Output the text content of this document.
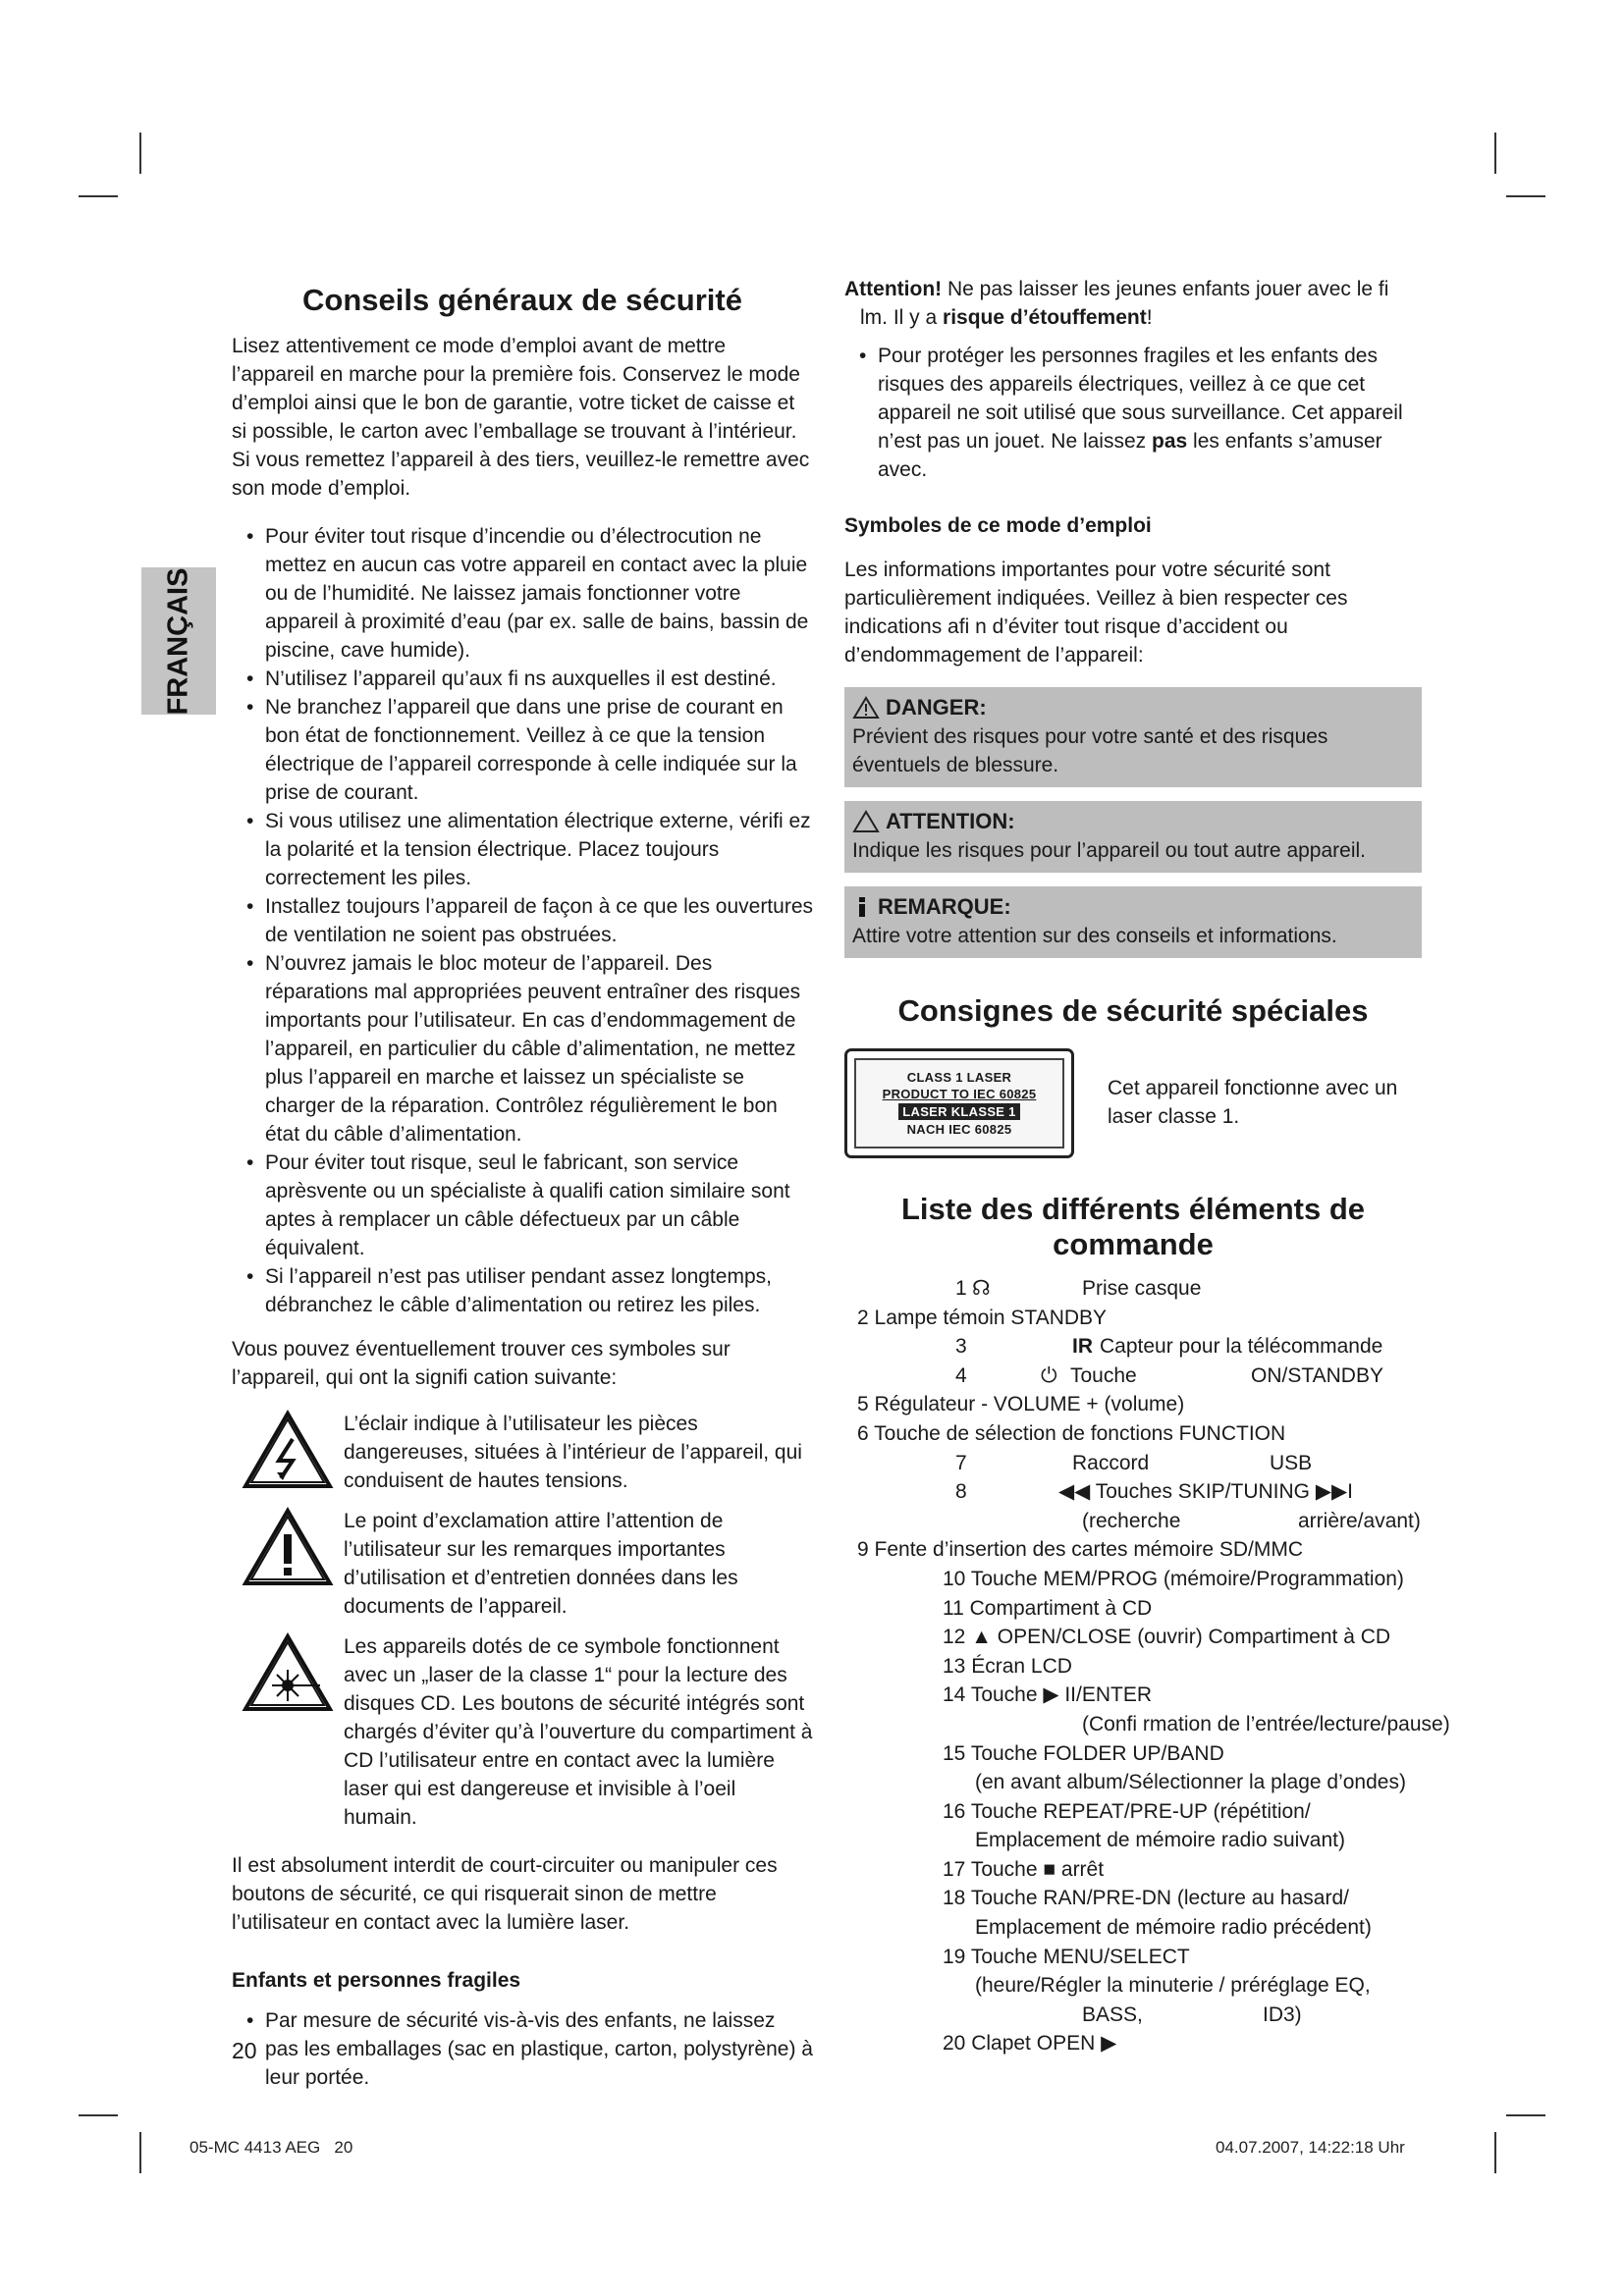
FRANÇAIS
Conseils généraux de sécurité

Lisez attentivement ce mode d’emploi avant de mettre l’appareil en marche pour la première fois. Conservez le mode d’emploi ainsi que le bon de garantie, votre ticket de caisse et si possible, le carton avec l’emballage se trouvant à l’intérieur. Si vous remettez l’appareil à des tiers, veuillez-le remettre avec son mode d’emploi.

• Pour éviter tout risque d’incendie ou d’électrocution ne mettez en aucun cas votre appareil en contact avec la pluie ou de l’humidité. Ne laissez jamais fonctionner votre appareil à proximité d’eau (par ex. salle de bains, bassin de piscine, cave humide).
• N’utilisez l’appareil qu’aux fi ns auxquelles il est destiné.
• Ne branchez l’appareil que dans une prise de courant en bon état de fonctionnement. Veillez à ce que la tension électrique de l’appareil corresponde à celle indiquée sur la prise de courant.
• Si vous utilisez une alimentation électrique externe, vérifi ez la polarité et la tension électrique. Placez toujours correctement les piles.
• Installez toujours l’appareil de façon à ce que les ouvertures de ventilation ne soient pas obstruées.
• N’ouvrez jamais le bloc moteur de l’appareil. Des réparations mal appropriées peuvent entraîner des risques importants pour l’utilisateur. En cas d’endommagement de l’appareil, en particulier du câble d’alimentation, ne mettez plus l’appareil en marche et laissez un spécialiste se charger de la réparation. Contrôlez régulièrement le bon état du câble d’alimentation.
• Pour éviter tout risque, seul le fabricant, son service aprèsvente ou un spécialiste à qualifi cation similaire sont aptes à remplacer un câble défectueux par un câble équivalent.
• Si l’appareil n’est pas utiliser pendant assez longtemps, débranchez le câble d’alimentation ou retirez les piles.

Vous pouvez éventuellement trouver ces symboles sur l’appareil, qui ont la signifi cation suivante:

L’éclair indique à l’utilisateur les pièces dangereuses, situées à l’intérieur de l’appareil, qui conduisent de hautes tensions.
Le point d’exclamation attire l’attention de l’utilisateur sur les remarques importantes d’utilisation et d’entretien données dans les documents de l’appareil.
Les appareils dotés de ce symbole fonctionnent avec un „laser de la classe 1“ pour la lecture des disques CD. Les boutons de sécurité intégrés sont chargés d’éviter qu’à l’ouverture du compartiment à CD l’utilisateur entre en contact avec la lumière laser qui est dangereuse et invisible à l’oeil humain.

Il est absolument interdit de court-circuiter ou manipuler ces boutons de sécurité, ce qui risquerait sinon de mettre l’utilisateur en contact avec la lumière laser.

Enfants et personnes fragiles
• Par mesure de sécurité vis-à-vis des enfants, ne laissez pas les emballages (sac en plastique, carton, polystyrène) à leur portée.

Attention! Ne pas laisser les jeunes enfants jouer avec le fi lm. Il y a risque d’étouffement!

• Pour protéger les personnes fragiles et les enfants des risques des appareils électriques, veillez à ce que cet appareil ne soit utilisé que sous surveillance. Cet appareil n’est pas un jouet. Ne laissez pas les enfants s’amuser avec.
Symboles de ce mode d’emploi

Les informations importantes pour votre sécurité sont particulièrement indiquées. Veillez à bien respecter ces indications afi n d’éviter tout risque d’accident ou d’endommagement de l’appareil:

DANGER:
Prévient des risques pour votre santé et des risques éventuels de blessure.
ATTENTION:
Indique les risques pour l’appareil ou tout autre appareil.
REMARQUE:
Attire votre attention sur des conseils et informations.
Consignes de sécurité spéciales
CLASS 1 LASER
PRODUCT TO IEC 60825
LASER KLASSE 1
NACH IEC 60825
Cet appareil fonctionne avec un laser classe 1.
Liste des différents éléments de commande
1 ☊	Prise casque
2 Lampe témoin STANDBY
3	IR Capteur pour la télécommande
4	⏻ Touche	ON/STANDBY
5 Régulateur - VOLUME + (volume)
6 Touche de sélection de fonctions FUNCTION
7	Raccord	USB
8	◀◀ Touches SKIP/TUNING ▶▶I
(recherche	arrière/avant)
9 Fente d’insertion des cartes mémoire SD/MMC
10 Touche MEM/PROG (mémoire/Programmation)
11 Compartiment à CD
12 ▲ OPEN/CLOSE (ouvrir) Compartiment à CD
13 Écran LCD
14 Touche ▶ II/ENTER
(Confi rmation de l’entrée/lecture/pause)
15 Touche FOLDER UP/BAND
(en avant album/Sélectionner la plage d’ondes)
16 Touche REPEAT/PRE-UP (répétition/
Emplacement de mémoire radio suivant)
17 Touche ■ arrêt
18 Touche RAN/PRE-DN (lecture au hasard/
Emplacement de mémoire radio précédent)
19 Touche MENU/SELECT
(heure/Régler la minuterie / préréglage EQ,
BASS,	ID3)
20 Clapet OPEN ▶
20
05-MC 4413 AEG   20	04.07.2007, 14:22:18 Uhr
